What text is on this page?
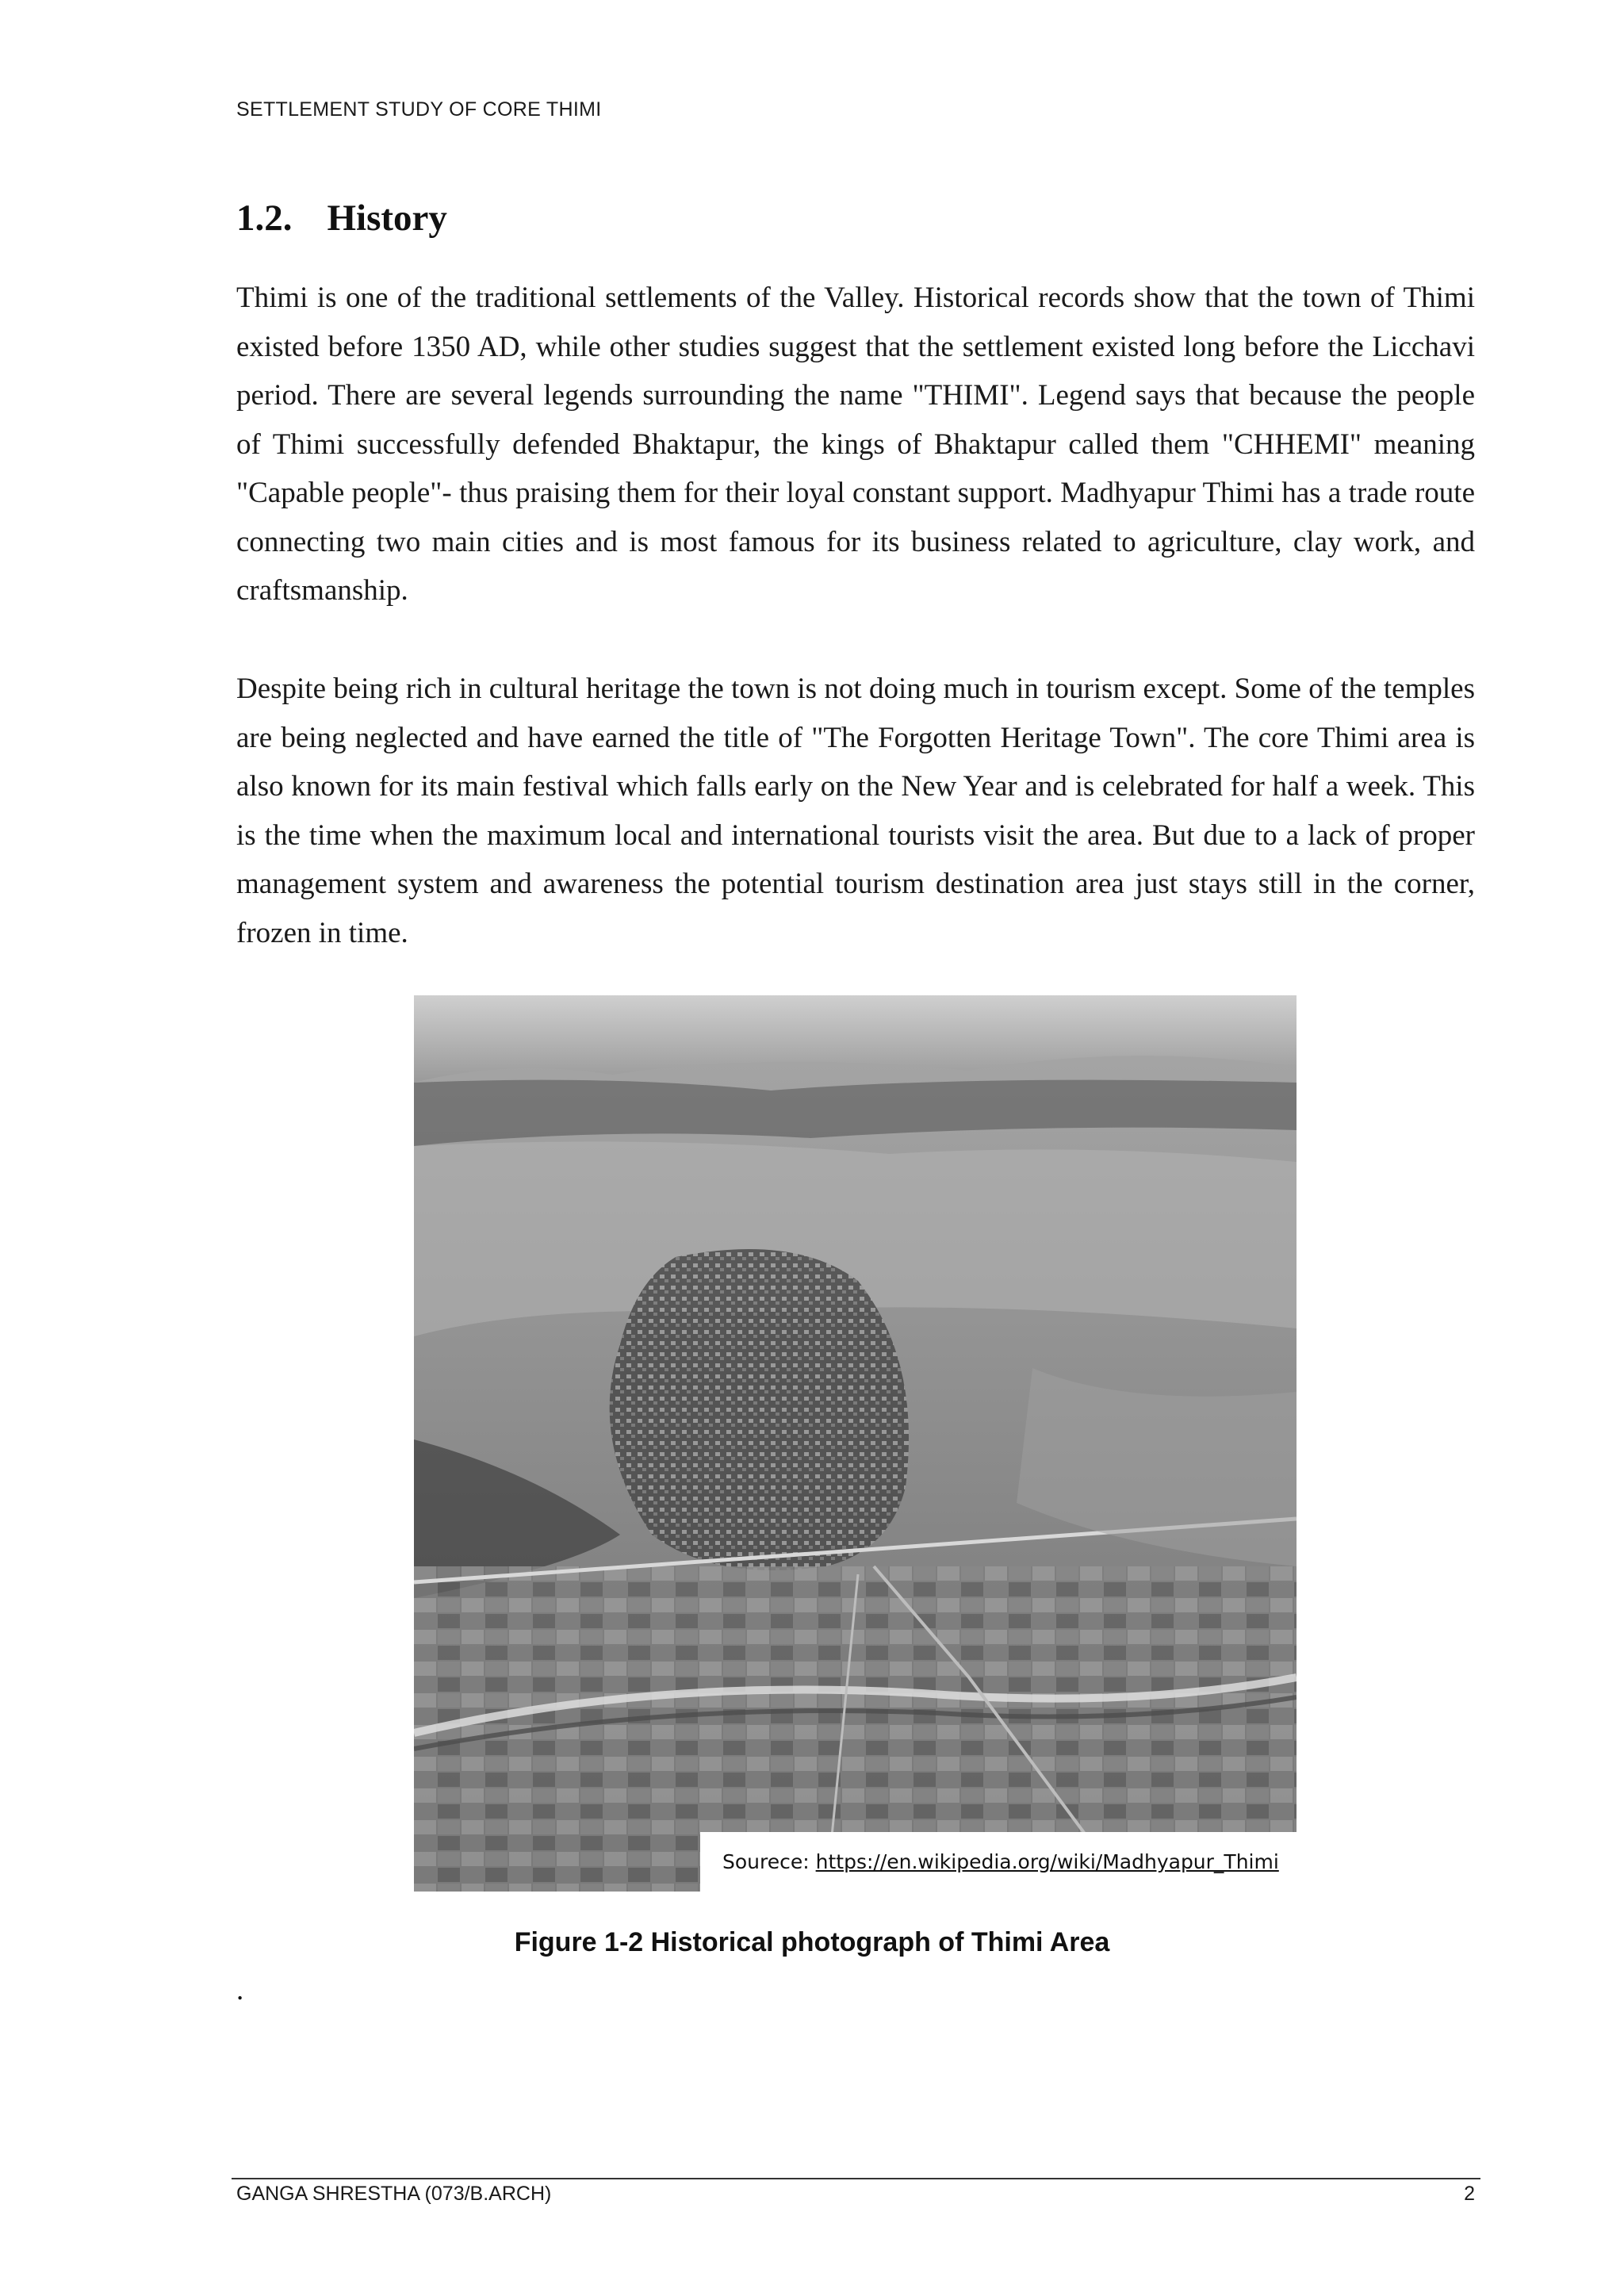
SETTLEMENT STUDY OF CORE THIMI
1.2. History

Thimi is one of the traditional settlements of the Valley. Historical records show that the town of Thimi existed before 1350 AD, while other studies suggest that the settlement existed long before the Licchavi period. There are several legends surrounding the name "THIMI". Legend says that because the people of Thimi successfully defended Bhaktapur, the kings of Bhaktapur called them "CHHEMI" meaning "Capable people"- thus praising them for their loyal constant support. Madhyapur Thimi has a trade route connecting two main cities and is most famous for its business related to agriculture, clay work, and craftsmanship.

Despite being rich in cultural heritage the town is not doing much in tourism except. Some of the temples are being neglected and have earned the title of "The Forgotten Heritage Town". The core Thimi area is also known for its main festival which falls early on the New Year and is celebrated for half a week. This is the time when the maximum local and international tourists visit the area. But due to a lack of proper management system and awareness the potential tourism destination area just stays still in the corner, frozen in time.

Sourece: https://en.wikipedia.org/wiki/Madhyapur_Thimi
Figure 1-2 Historical photograph of Thimi Area
.
GANGA SHRESTHA (073/B.ARCH)	2
